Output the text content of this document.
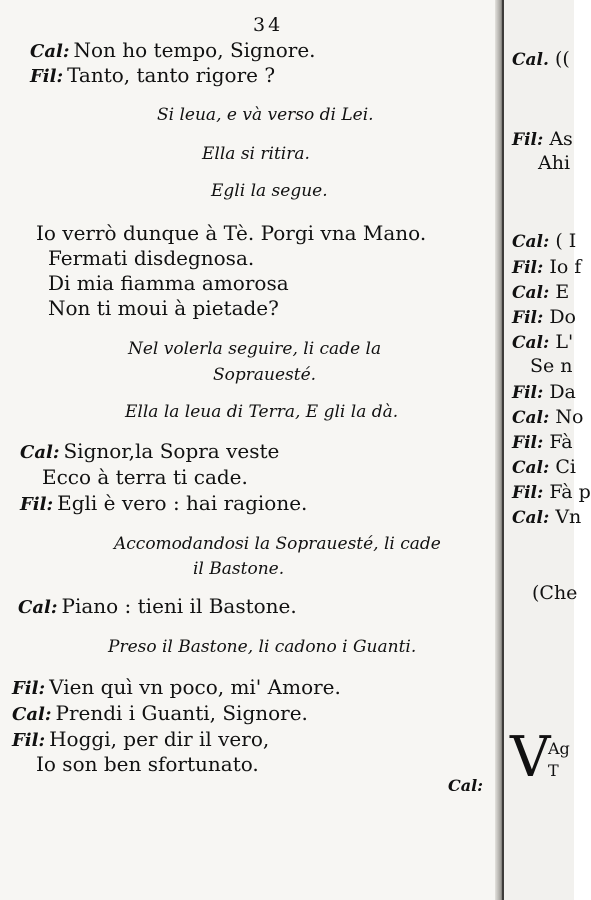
34
Cal: Non ho tempo, Signore.
Fil: Tanto, tanto rigore ?
Si leua, e và verso di Lei.
Ella si ritira.
Egli la segue.
Io verrò dunque à Tè. Porgi vna Mano.
Fermati disdegnosa.
Di mia fiamma amorosa
Non ti moui à pietade?
Nel volerla seguire, li cade la
Soprauesté.
Ella la leua di Terra, E gli la dà.
Cal: Signor,la Sopra veste
Ecco à terra ti cade.
Fil: Egli è vero : hai ragione.
Accomodandosi la Soprauesté, li cade
il Bastone.
Cal: Piano : tieni il Bastone.
Preso il Bastone, li cadono i Guanti.
Fil: Vien quì vn poco, mi' Amore.
Cal: Prendi i Guanti, Signore.
Fil: Hoggi, per dir il vero,
Io son ben sfortunato.
Cal:
Cal. ((
Fil: As
Ahi
Cal: ( I
Fil: Io f
Cal: E
Fil: Do
Cal: L'
Se n
Fil: Da
Cal: No
Fil: Fà
Cal: Ci
Fil: Fà p
Cal: Vn
(Che
V
Ag
T
